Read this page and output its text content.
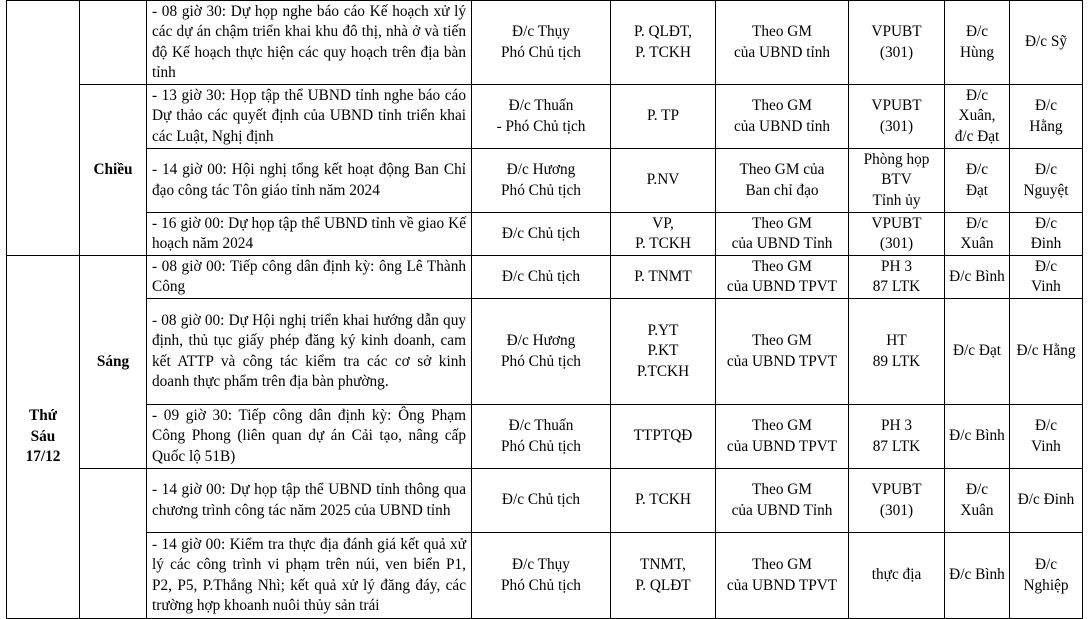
		- 08 giờ 30: Dự họp nghe báo cáo Kế hoạch xử lý các dự án chậm triển khai khu đô thị, nhà ở và tiến độ Kế hoạch thực hiện các quy hoạch trên địa bàn tỉnh	Đ/c Thụy
Phó Chủ tịch	P. QLĐT,
P. TCKH	Theo GM
của UBND tỉnh	VPUBT
(301)	Đ/c
Hùng	Đ/c Sỹ

	Chiều	- 13 giờ 30: Họp tập thể UBND tỉnh nghe báo cáo Dự thảo các quyết định của UBND tỉnh triển khai các Luật, Nghị định	Đ/c Thuấn
- Phó Chủ tịch	P. TP	Theo GM
của UBND tỉnh	VPUBT
(301)	Đ/c
Xuân,
đ/c Đạt	Đ/c
Hằng

		- 14 giờ 00: Hội nghị tổng kết hoạt động Ban Chỉ đạo công tác Tôn giáo tỉnh năm 2024	Đ/c Hương
Phó Chủ tịch	P.NV	Theo GM của
Ban chỉ đạo	Phòng họp
BTV
Tỉnh ủy	Đ/c
Đạt	Đ/c
Nguyệt

		- 16 giờ 00: Dự họp tập thể UBND tỉnh về giao Kế hoạch năm 2024	Đ/c Chủ tịch	VP,
P. TCKH	Theo GM
của UBND Tỉnh	VPUBT
(301)	Đ/c
Xuân	Đ/c
Đinh

Thứ
Sáu
17/12	Sáng	- 08 giờ 00: Tiếp công dân định kỳ: ông Lê Thành Công	Đ/c Chủ tịch	P. TNMT	Theo GM
của UBND TPVT	PH 3
87 LTK	Đ/c Bình	Đ/c
Vinh

		- 08 giờ 00: Dự Hội nghị triển khai hướng dẫn quy định, thủ tục giấy phép đăng ký kinh doanh, cam kết ATTP và công tác kiểm tra các cơ sở kinh doanh thực phẩm trên địa bàn phường.	Đ/c Hương
Phó Chủ tịch	P.YT
P.KT
P.TCKH	Theo GM
của UBND TPVT	HT
89 LTK	Đ/c Đạt	Đ/c Hằng

		- 09 giờ 30: Tiếp công dân định kỳ: Ông Phạm Công Phong (liên quan dự án Cải tạo, nâng cấp Quốc lộ 51B)	Đ/c Thuấn
Phó Chủ tịch	TTPTQĐ	Theo GM
của UBND TPVT	PH 3
87 LTK	Đ/c Bình	Đ/c
Vinh

		- 14 giờ 00: Dự họp tập thể UBND tỉnh thông qua chương trình công tác năm 2025 của UBND tỉnh	Đ/c Chủ tịch	P. TCKH	Theo GM
của UBND Tỉnh	VPUBT
(301)	Đ/c
Xuân	Đ/c Đinh

		- 14 giờ 00: Kiểm tra thực địa đánh giá kết quả xử lý các công trình vi phạm trên núi, ven biển P1, P2, P5, P.Thắng Nhì; kết quả xử lý đăng đáy, các trường hợp khoanh nuôi thủy sản trái	Đ/c Thụy
Phó Chủ tịch	TNMT,
P. QLĐT	Theo GM
của UBND TPVT	thực địa	Đ/c Bình	Đ/c
Nghiệp
